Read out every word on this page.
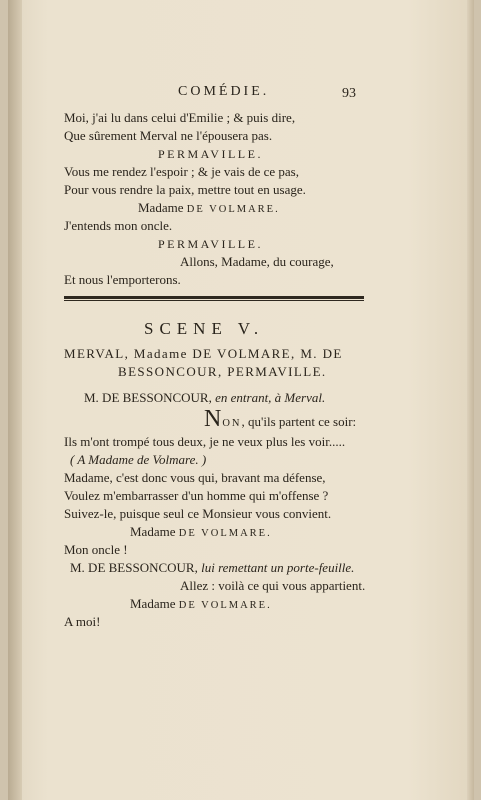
COMÉDIE.	93
Moi, j'ai lu dans celui d'Emilie ; & puis dire,
Que sûrement Merval ne l'épousera pas.
PERMAVILLE.
Vous me rendez l'espoir ; & je vais de ce pas,
Pour vous rendre la paix, mettre tout en usage.
Madame DE VOLMARE.
J'entends mon oncle.
PERMAVILLE.
Allons, Madame, du courage,
Et nous l'emporterons.
SCENE V.
MERVAL, Madame DE VOLMARE, M. DE
BESSONCOUR, PERMAVILLE.
M. DE BESSONCOUR, en entrant, à Merval.
NON, qu'ils partent ce soir:
Ils m'ont trompé tous deux, je ne veux plus les voir.....
( A Madame de Volmare. )
Madame, c'est donc vous qui, bravant ma défense,
Voulez m'embarrasser d'un homme qui m'offense ?
Suivez-le, puisque seul ce Monsieur vous convient.
Madame DE VOLMARE.
Mon oncle !
M. DE BESSONCOUR, lui remettant un porte-feuille.
Allez : voilà ce qui vous appartient.
Madame DE VOLMARE.
A moi!
